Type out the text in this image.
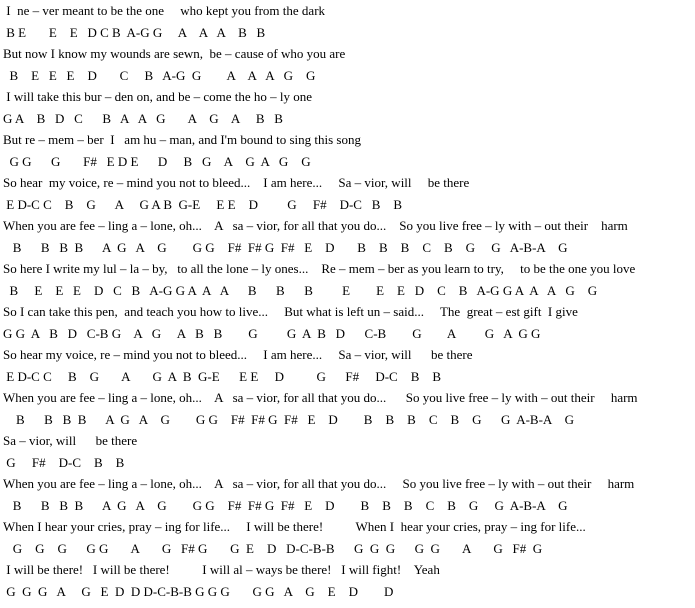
I  ne – ver meant to be the one     who kept you from the dark
B E       E    E   D C B  A-G G     A    A   A    B   B
But now I know my wounds are sewn,  be – cause of who you are
B    E   E   E    D       C     B   A-G  G        A    A   A   G    G
I will take this bur – den on, and be – come the ho – ly one
G A    B   D   C      B   A   A   G       A    G    A     B   B
But re – mem – ber  I   am hu – man, and I'm bound to sing this song
G G      G       F#   E D E      D     B   G    A    G  A   G    G
So hear  my voice, re – mind you not to bleed...    I am here...     Sa – vior, will     be there
E D-C C    B    G      A     G A B  G-E     E E    D         G     F#    D-C   B    B
When you are fee – ling a – lone, oh...    A   sa – vior, for all that you do...    So you live free – ly with – out their    harm
B      B   B  B      A  G   A    G        G G    F#  F# G  F#   E    D       B    B    B    C    B    G     G   A-B-A    G
So here I write my lul – la – by,   to all the lone – ly ones...    Re – mem – ber as you learn to try,     to be the one you love
B     E    E   E    D   C   B   A-G G A  A   A      B      B      B         E        E    E   D    C    B   A-G G A  A   A   G    G
So I can take this pen,  and teach you how to live...     But what is left un – said...     The  great – est gift  I give
G G  A   B   D   C-B G    A   G     A   B   B        G         G  A  B   D      C-B        G        A         G   A  G G
So hear my voice, re – mind you not to bleed...     I am here...     Sa – vior, will      be there
E D-C C     B    G       A       G  A  B  G-E      E E     D          G      F#     D-C    B    B
When you are fee – ling a – lone, oh...    A   sa – vior, for all that you do...      So you live free – ly with – out their     harm
B      B   B  B      A  G   A    G        G G    F#  F# G  F#   E    D        B    B    B    C    B    G      G  A-B-A    G
Sa – vior, will      be there
G     F#    D-C    B    B
When you are fee – ling a – lone, oh...    A   sa – vior, for all that you do...     So you live free – ly with – out their     harm
B      B   B  B      A  G   A    G        G G    F#  F# G  F#   E    D        B    B    B    C    B    G     G  A-B-A    G
When I hear your cries, pray – ing for life...     I will be there!          When I  hear your cries, pray – ing for life...
G    G    G      G G       A       G   F# G       G  E    D   D-C-B-B      G  G  G      G  G       A       G   F#  G
I will be there!   I will be there!          I will al – ways be there!   I will fight!    Yeah
G  G  G   A     G   E  D  D D-C-B-B G G G       G G   A    G    E    D        D
